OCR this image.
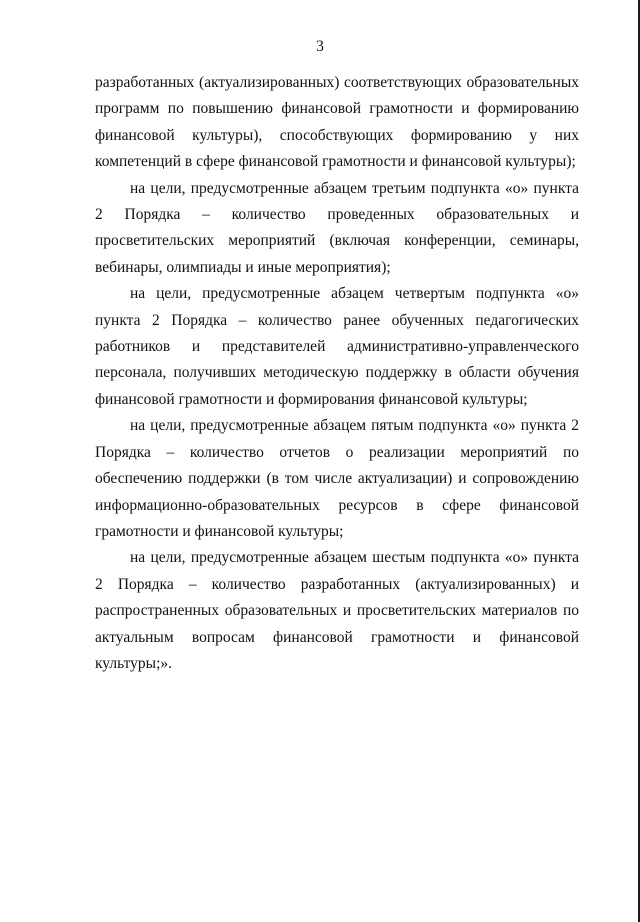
3

разработанных (актуализированных) соответствующих образовательных программ по повышению финансовой грамотности и формированию финансовой культуры), способствующих формированию у них компетенций в сфере финансовой грамотности и финансовой культуры);

на цели, предусмотренные абзацем третьим подпункта «о» пункта 2 Порядка – количество проведенных образовательных и просветительских мероприятий (включая конференции, семинары, вебинары, олимпиады и иные мероприятия);

на цели, предусмотренные абзацем четвертым подпункта «о» пункта 2 Порядка – количество ранее обученных педагогических работников и представителей административно-управленческого персонала, получивших методическую поддержку в области обучения финансовой грамотности и формирования финансовой культуры;

на цели, предусмотренные абзацем пятым подпункта «о» пункта 2 Порядка – количество отчетов о реализации мероприятий по обеспечению поддержки (в том числе актуализации) и сопровождению информационно-образовательных ресурсов в сфере финансовой грамотности и финансовой культуры;

на цели, предусмотренные абзацем шестым подпункта «о» пункта 2 Порядка – количество разработанных (актуализированных) и распространенных образовательных и просветительских материалов по актуальным вопросам финансовой грамотности и финансовой культуры;».
